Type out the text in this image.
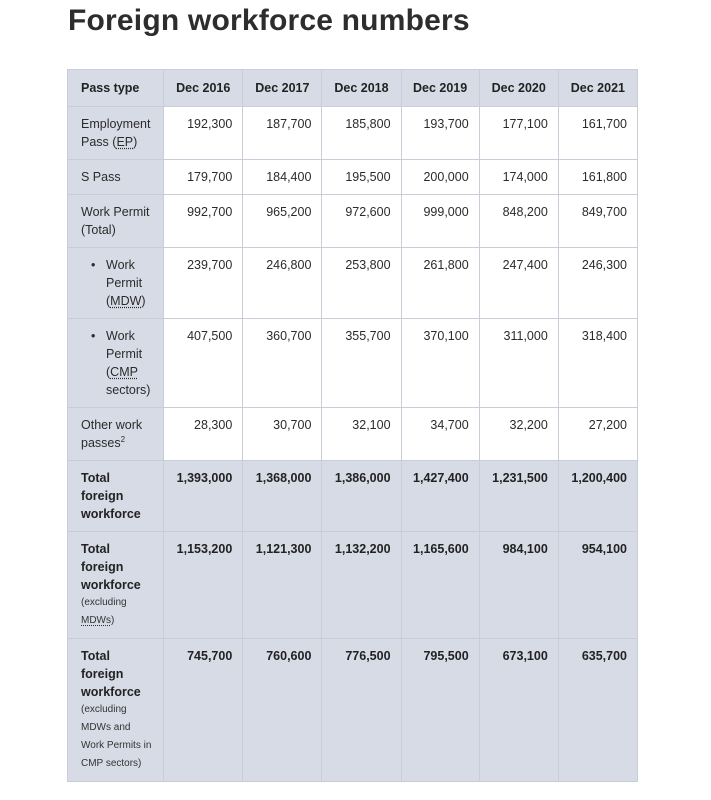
Foreign workforce numbers
Pass type	Dec 2016	Dec 2017	Dec 2018	Dec 2019	Dec 2020	Dec 2021
Employment Pass (EP)	192,300	187,700	185,800	193,700	177,100	161,700
S Pass	179,700	184,400	195,500	200,000	174,000	161,800
Work Permit (Total)	992,700	965,200	972,600	999,000	848,200	849,700

• Work Permit (MDW)	239,700	246,800	253,800	261,800	247,400	246,300

• Work Permit (CMP sectors)	407,500	360,700	355,700	370,100	311,000	318,400
Other work passes$^2$	28,300	30,700	32,100	34,700	32,200	27,200
Total foreign workforce	1,393,000	1,368,000	1,386,000	1,427,400	1,231,500	1,200,400
Total foreign workforce
(excluding MDWs)	1,153,200	1,121,300	1,132,200	1,165,600	984,100	954,100
Total foreign workforce
(excluding MDWs and Work Permits in CMP sectors)	745,700	760,600	776,500	795,500	673,100	635,700
